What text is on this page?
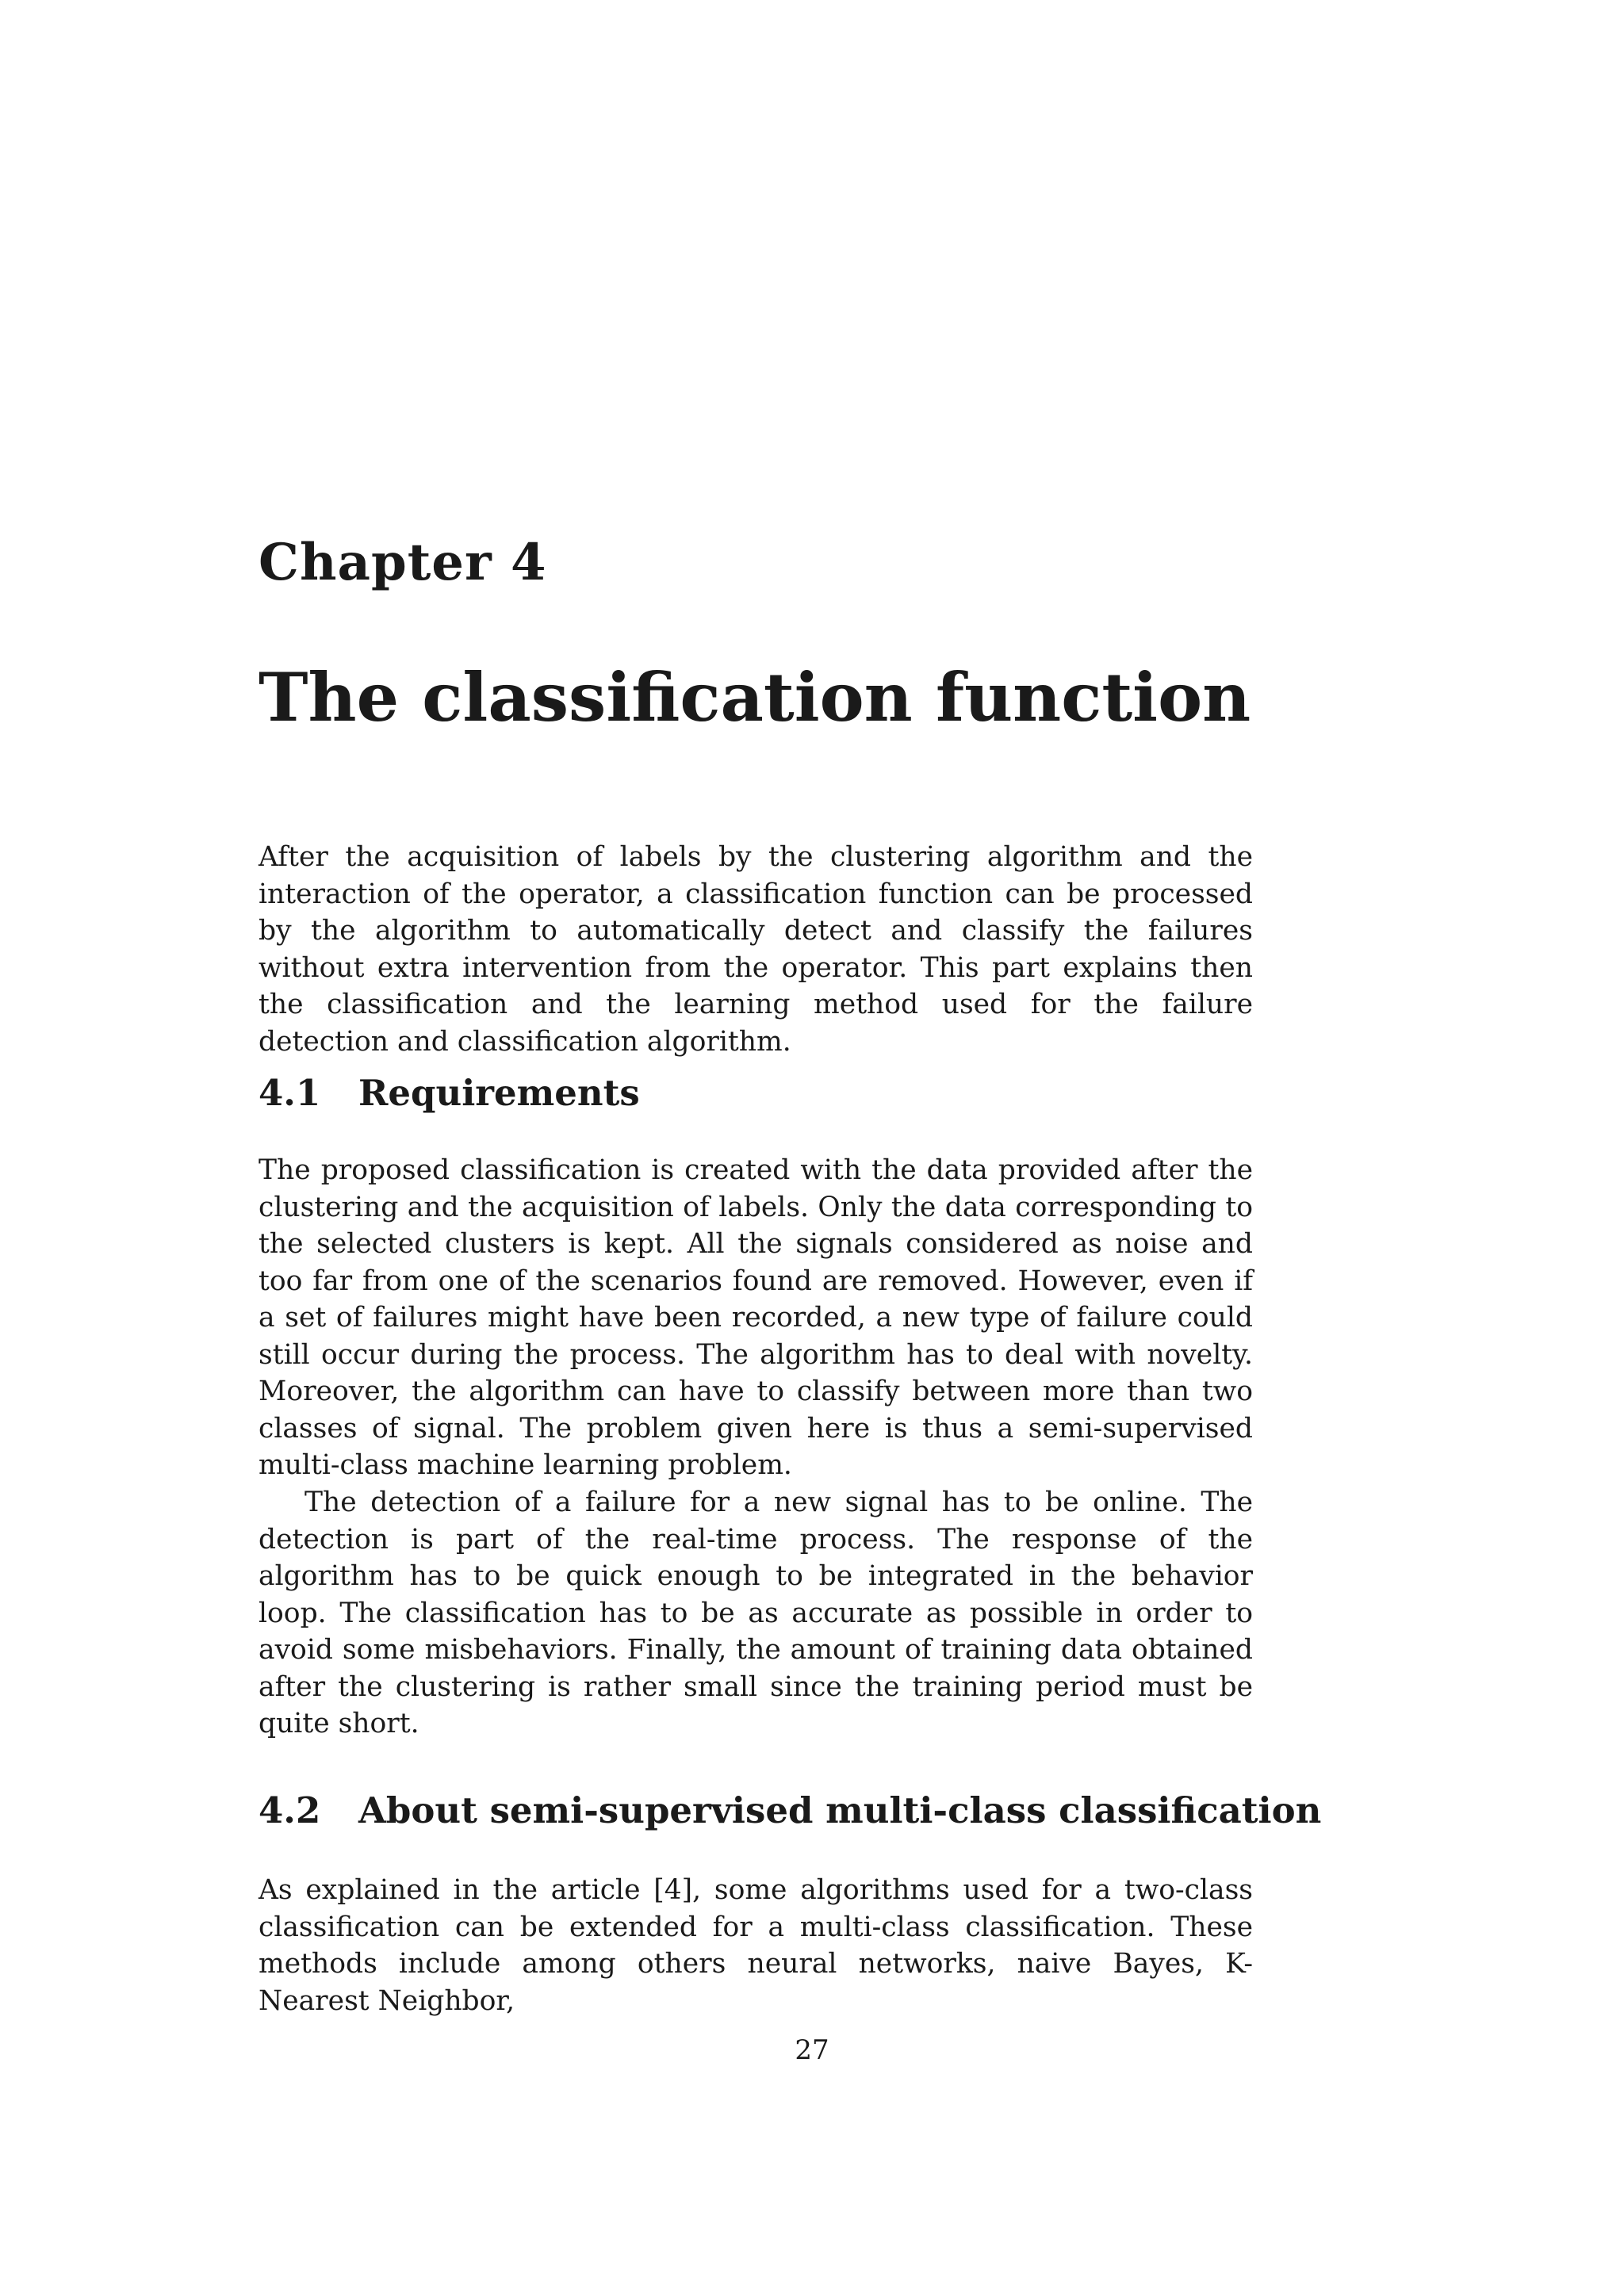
Chapter 4
The classification function

After the acquisition of labels by the clustering algorithm and the interaction of the operator, a classification function can be processed by the algorithm to automatically detect and classify the failures without extra intervention from the operator. This part explains then the classification and the learning method used for the failure detection and classification algorithm.

4.1 Requirements

The proposed classification is created with the data provided after the clustering and the acquisition of labels. Only the data corresponding to the selected clusters is kept. All the signals considered as noise and too far from one of the scenarios found are removed. However, even if a set of failures might have been recorded, a new type of failure could still occur during the process. The algorithm has to deal with novelty. Moreover, the algorithm can have to classify between more than two classes of signal. The problem given here is thus a semi-supervised multi-class machine learning problem.

The detection of a failure for a new signal has to be online. The detection is part of the real-time process. The response of the algorithm has to be quick enough to be integrated in the behavior loop. The classification has to be as accurate as possible in order to avoid some misbehaviors. Finally, the amount of training data obtained after the clustering is rather small since the training period must be quite short.

4.2 About semi-supervised multi-class classification

As explained in the article [4], some algorithms used for a two-class classification can be extended for a multi-class classification. These methods include among others neural networks, naive Bayes, K-Nearest Neighbor,

27
